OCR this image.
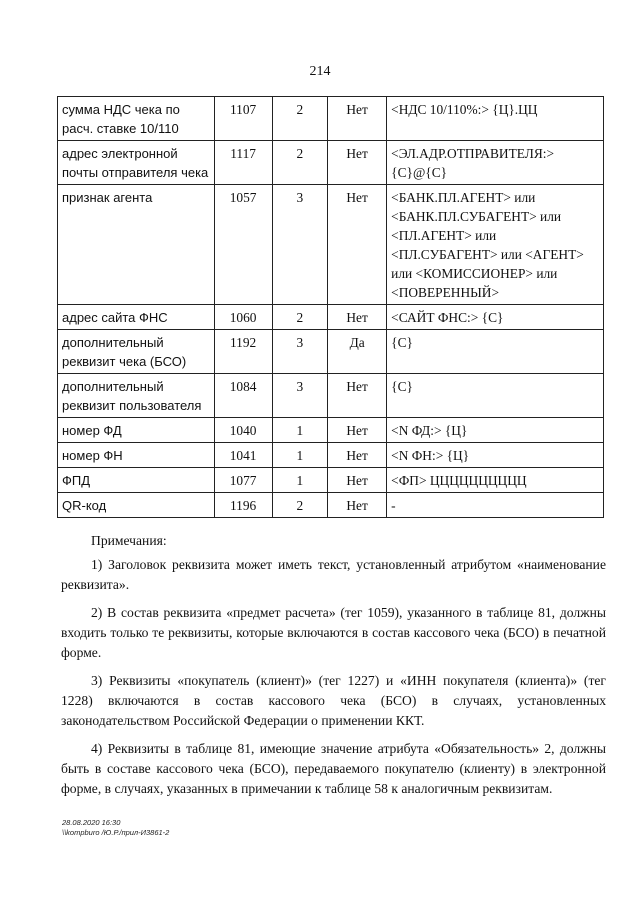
214
сумма НДС чека по расч. ставке 10/110	1107	2	Нет	<НДС 10/110%:> {Ц}.ЦЦ
адрес электронной почты отправителя чека	1117	2	Нет	<ЭЛ.АДР.ОТПРАВИТЕЛЯ:> {С}@{С}
признак агента	1057	3	Нет	<БАНК.ПЛ.АГЕНТ> или <БАНК.ПЛ.СУБАГЕНТ> или <ПЛ.АГЕНТ> или <ПЛ.СУБАГЕНТ> или <АГЕНТ> или <КОМИССИОНЕР> или <ПОВЕРЕННЫЙ>
адрес сайта ФНС	1060	2	Нет	<САЙТ ФНС:> {С}
дополнительный реквизит чека (БСО)	1192	3	Да	{С}
дополнительный реквизит пользователя	1084	3	Нет	{С}
номер ФД	1040	1	Нет	<N ФД:> {Ц}
номер ФН	1041	1	Нет	<N ФН:> {Ц}
ФПД	1077	1	Нет	<ФП> ЦЦЦЦЦЦЦЦЦЦ
QR-код	1196	2	Нет	-

Примечания:

1) Заголовок реквизита может иметь текст, установленный атрибутом «наименование реквизита».

2) В состав реквизита «предмет расчета» (тег 1059), указанного в таблице 81, должны входить только те реквизиты, которые включаются в состав кассового чека (БСО) в печатной форме.

3) Реквизиты «покупатель (клиент)» (тег 1227) и «ИНН покупателя (клиента)» (тег 1228) включаются в состав кассового чека (БСО) в случаях, установленных законодательством Российской Федерации о применении ККТ.

4) Реквизиты в таблице 81, имеющие значение атрибута «Обязательность» 2, должны быть в составе кассового чека (БСО), передаваемого покупателю (клиенту) в электронной форме, в случаях, указанных в примечании к таблице 58 к аналогичным реквизитам.

28.08.2020 16:30
\\kompburo /Ю.Р./прил-И3861-2
